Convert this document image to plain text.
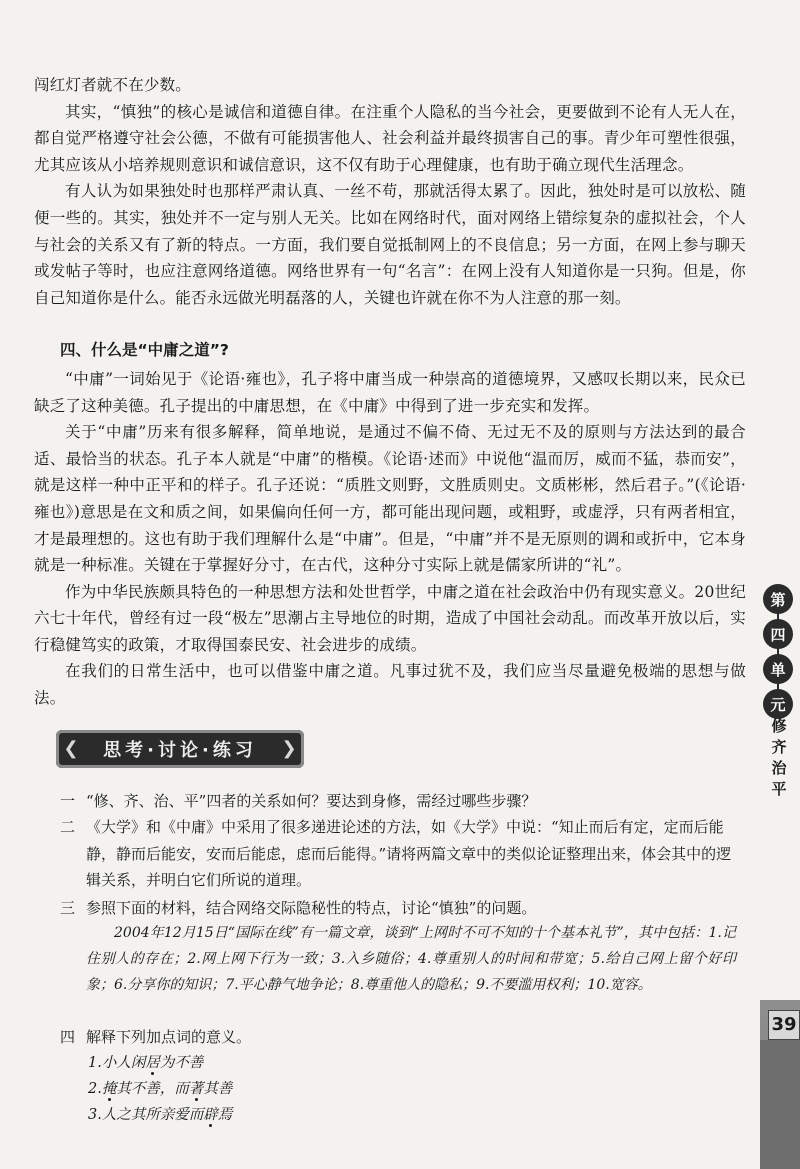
闯红灯者就不在少数。

其实，“慎独”的核心是诚信和道德自律。在注重个人隐私的当今社会，更要做到不论有人无人在，都自觉严格遵守社会公德，不做有可能损害他人、社会利益并最终损害自己的事。青少年可塑性很强，尤其应该从小培养规则意识和诚信意识，这不仅有助于心理健康，也有助于确立现代生活理念。

有人认为如果独处时也那样严肃认真、一丝不苟，那就活得太累了。因此，独处时是可以放松、随便一些的。其实，独处并不一定与别人无关。比如在网络时代，面对网络上错综复杂的虚拟社会，个人与社会的关系又有了新的特点。一方面，我们要自觉抵制网上的不良信息；另一方面，在网上参与聊天或发帖子等时，也应注意网络道德。网络世界有一句“名言”：在网上没有人知道你是一只狗。但是，你自己知道你是什么。能否永远做光明磊落的人，关键也许就在你不为人注意的那一刻。

四、什么是“中庸之道”?

“中庸”一词始见于《论语·雍也》，孔子将中庸当成一种崇高的道德境界，又感叹长期以来，民众已缺乏了这种美德。孔子提出的中庸思想，在《中庸》中得到了进一步充实和发挥。

关于“中庸”历来有很多解释，简单地说，是通过不偏不倚、无过无不及的原则与方法达到的最合适、最恰当的状态。孔子本人就是“中庸”的楷模。《论语·述而》中说他“温而厉，威而不猛，恭而安”，就是这样一种中正平和的样子。孔子还说：“质胜文则野，文胜质则史。文质彬彬，然后君子。”(《论语·雍也》)意思是在文和质之间，如果偏向任何一方，都可能出现问题，或粗野，或虚浮，只有两者相宜，才是最理想的。这也有助于我们理解什么是“中庸”。但是，“中庸”并不是无原则的调和或折中，它本身就是一种标准。关键在于掌握好分寸，在古代，这种分寸实际上就是儒家所讲的“礼”。

作为中华民族颇具特色的一种思想方法和处世哲学，中庸之道在社会政治中仍有现实意义。20世纪六七十年代，曾经有过一段“极左”思潮占主导地位的时期，造成了中国社会动乱。而改革开放以后，实行稳健笃实的政策，才取得国泰民安、社会进步的成绩。

在我们的日常生活中，也可以借鉴中庸之道。凡事过犹不及，我们应当尽量避免极端的思想与做法。

❮ 思考·讨论·练习 ❯
一 “修、齐、治、平”四者的关系如何？要达到身修，需经过哪些步骤？
二 《大学》和《中庸》中采用了很多递进论述的方法，如《大学》中说：“知止而后有定，定而后能静，静而后能安，安而后能虑，虑而后能得。”请将两篇文章中的类似论证整理出来，体会其中的逻辑关系，并明白它们所说的道理。
三 参照下面的材料，结合网络交际隐秘性的特点，讨论“慎独”的问题。
2004年12月15日“国际在线”有一篇文章，谈到“上网时不可不知的十个基本礼节”，其中包括：1.记住别人的存在；2.网上网下行为一致；3.入乡随俗；4.尊重别人的时间和带宽；5.给自己网上留个好印象；6.分享你的知识；7.平心静气地争论；8.尊重他人的隐私；9.不要滥用权利；10.宽容。
四 解释下列加点词的意义。
1.小人闲居为不善
2.掩其不善，而著其善
3.人之其所亲爱而辟焉
第
四
单
元
修齐治平
39
